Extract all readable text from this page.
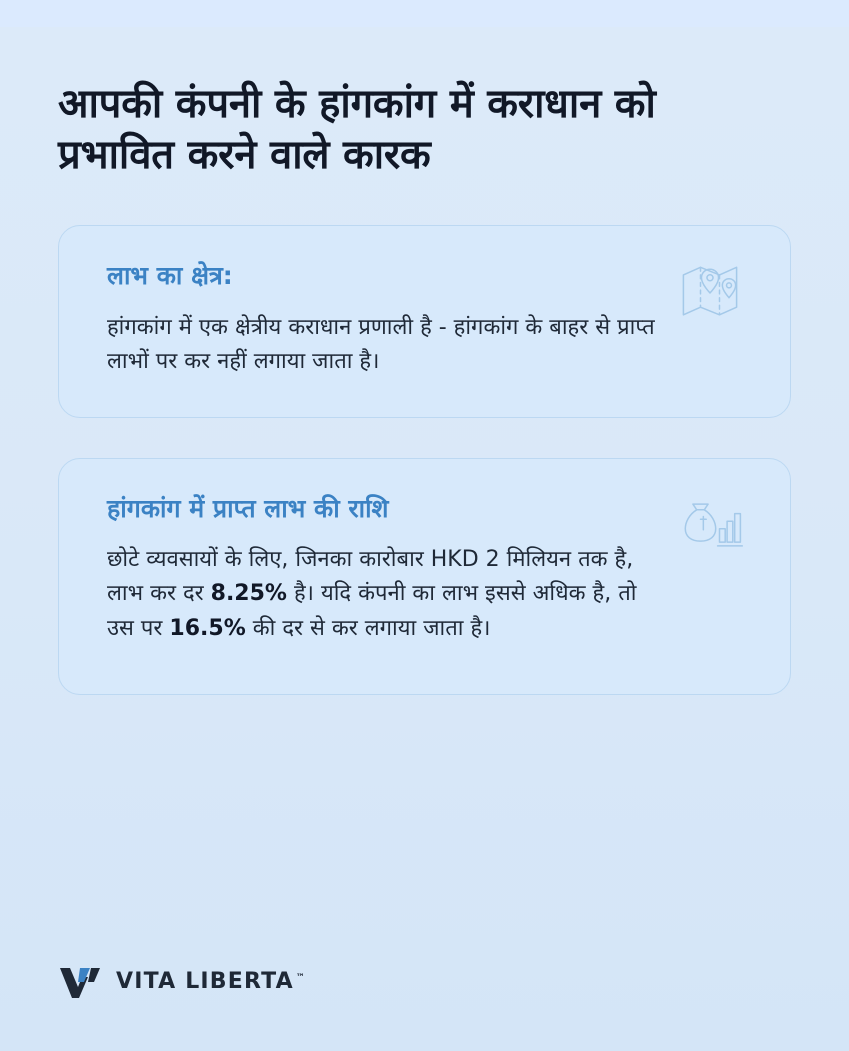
आपकी कंपनी के हांगकांग में कराधान को प्रभावित करने वाले कारक
लाभ का क्षेत्र:

हांगकांग में एक क्षेत्रीय कराधान प्रणाली है - हांगकांग के बाहर से प्राप्त लाभों पर कर नहीं लगाया जाता है।

हांगकांग में प्राप्त लाभ की राशि

छोटे व्यवसायों के लिए, जिनका कारोबार HKD 2 मिलियन तक है, लाभ कर दर 8.25% है। यदि कंपनी का लाभ इससे अधिक है, तो उस पर 16.5% की दर से कर लगाया जाता है।

VITA LIBERTA ™
